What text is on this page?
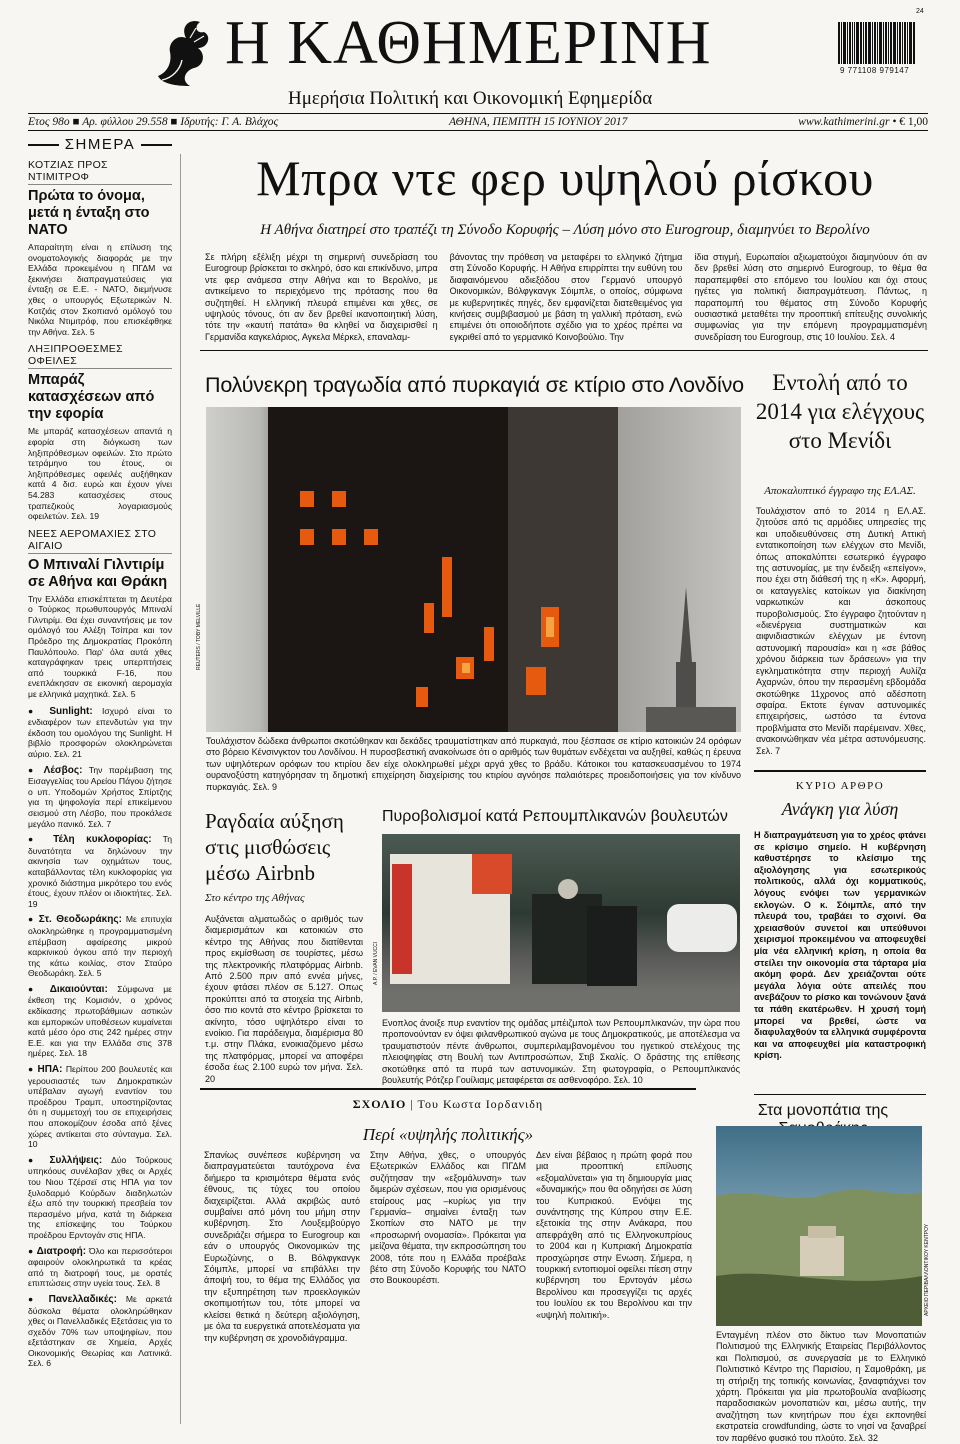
Η ΚΑΘΗΜΕΡΙΝΗ
Ημερήσια Πολιτική και Οικονομική Εφημερίδα
24
9 771108 979147
Ετος 98ο ■ Αρ. φύλλου 29.558 ■ Ιδρυτής: Γ. Α. Βλάχος	ΑΘΗΝΑ, ΠΕΜΠΤΗ 15 ΙΟΥΝΙΟΥ 2017	www.kathimerini.gr • € 1,00
ΣΗΜΕΡΑ
ΚΟΤΖΙΑΣ ΠΡΟΣ ΝΤΙΜΙΤΡΟΦ
Πρώτα το όνομα, μετά η ένταξη στο ΝΑΤΟ
Απαραίτητη είναι η επίλυση της ονοματολογικής διαφοράς με την Ελλάδα προκειμένου η ΠΓΔΜ να ξεκινήσει διαπραγματεύσεις για ένταξη σε Ε.Ε. - ΝΑΤΟ, διεμήνυσε χθες ο υπουργός Εξωτερικών Ν. Κοτζιάς στον Σκοπιανό ομόλογό του Νικόλα Ντιμιτρόφ, που επισκέφθηκε την Αθήνα. Σελ. 5
ΛΗΞΙΠΡΟΘΕΣΜΕΣ ΟΦΕΙΛΕΣ
Μπαράζ κατασχέσεων από την εφορία
Με μπαράζ κατασχέσεων απαντά η εφορία στη διόγκωση των ληξιπρόθεσμων οφειλών. Στο πρώτο τετράμηνο του έτους, οι ληξιπρόθεσμες οφειλές αυξήθηκαν κατά 4 δισ. ευρώ και έχουν γίνει 54.283 κατασχέσεις στους τραπεζικούς λογαριασμούς οφειλετών. Σελ. 19
ΝΕΕΣ ΑΕΡΟΜΑΧΙΕΣ ΣΤΟ ΑΙΓΑΙΟ
Ο Μπιναλί Γιλντιρίμ σε Αθήνα και Θράκη
Την Ελλάδα επισκέπτεται τη Δευτέρα ο Τούρκος πρωθυπουργός Μπιναλί Γιλντιρίμ. Θα έχει συναντήσεις με τον ομόλογό του Αλέξη Τσίπρα και τον Πρόεδρο της Δημοκρατίας Προκόπη Παυλόπουλο. Παρ' όλα αυτά χθες καταγράφηκαν τρεις υπερπτήσεις από τουρκικά F-16, που ενεπλάκησαν σε εικονική αερομαχία με ελληνικά μαχητικά. Σελ. 5
● Sunlight: Ισχυρό είναι το ενδιαφέρον των επενδυτών για την έκδοση του ομολόγου της Sunlight. Η βιβλίο προσφορών ολοκληρώνεται αύριο. Σελ. 21
● Λέσβος: Την παρέμβαση της Εισαγγελίας του Αρείου Πάγου ζήτησε ο υπ. Υποδομών Χρήστος Σπίρτζης για τη ψηφολογία περί επικείμενου σεισμού στη Λέσβο, που προκάλεσε μεγάλο πανικό. Σελ. 7
● Τέλη κυκλοφορίας: Τη δυνατότητα να δηλώνουν την ακινησία των οχημάτων τους, καταβάλλοντας τέλη κυκλοφορίας για χρονικό διάστημα μικρότερο του ενός έτους, έχουν πλέον οι ιδιοκτήτες. Σελ. 19
● Στ. Θεοδωράκης: Με επιτυχία ολοκληρώθηκε η προγραμματισμένη επέμβαση αφαίρεσης μικρού καρκινικού όγκου από την περιοχή της κάτω κοιλίας, στον Σταύρο Θεοδωράκη. Σελ. 5
● Δικαιούνται: Σύμφωνα με έκθεση της Κομισιόν, ο χρόνος εκδίκασης πρωτοβάθμιων αστικών και εμπορικών υποθέσεων κυμαίνεται κατά μέσο όρο στις 242 ημέρες στην Ε.Ε. και για την Ελλάδα στις 378 ημέρες. Σελ. 18
● ΗΠΑ: Περίπου 200 βουλευτές και γερουσιαστές των Δημοκρατικών υπέβαλαν αγωγή εναντίον του προέδρου Τραμπ, υποστηρίζοντας ότι η συμμετοχή του σε επιχειρήσεις που αποκομίζουν έσοδα από ξένες χώρες αντίκειται στο σύνταγμα. Σελ. 10
● Συλλήψεις: Δύο Τούρκους υπηκόους συνέλαβαν χθες οι Αρχές του Νιου Τζέρσεϊ στις ΗΠΑ για τον ξυλοδαρμό Κούρδων διαδηλωτών έξω από την τουρκική πρεσβεία τον περασμένο μήνα, κατά τη διάρκεια της επίσκεψης του Τούρκου προέδρου Ερντογάν στις ΗΠΑ.
● Διατροφή: Όλο και περισσότεροι αφαιρούν ολοκληρωτικά τα κρέας από τη διατροφή τους, με ορατές επιπτώσεις στην υγεία τους. Σελ. 8
● Πανελλαδικές: Με αρκετά δύσκολα θέματα ολοκληρώθηκαν χθες οι Πανελλαδικές Εξετάσεις για το σχεδόν 70% των υποψηφίων, που εξετάστηκαν σε Χημεία, Αρχές Οικονομικής Θεωρίας και Λατινικά. Σελ. 6
Μπρα ντε φερ υψηλού ρίσκου
Η Αθήνα διατηρεί στο τραπέζι τη Σύνοδο Κορυφής – Λύση μόνο στο Eurogroup, διαμηνύει το Βερολίνο
Σε πλήρη εξέλιξη μέχρι τη σημερινή συνεδρίαση του Eurogroup βρίσκεται το σκληρό, όσο και επικίνδυνο, μπρα ντε φερ ανάμεσα στην Αθήνα και το Βερολίνο, με αντικείμενο το περιεχόμενο της πρότασης που θα συζητηθεί. Η ελληνική πλευρά επιμένει και χθες, σε υψηλούς τόνους, ότι αν δεν βρεθεί ικανοποιητική λύση, τότε την «καυτή πατάτα» θα κληθεί να διαχειρισθεί η Γερμανίδα καγκελάριος, Αγκελα Μέρκελ, επαναλαμ-
βάνοντας την πρόθεση να μεταφέρει το ελληνικό ζήτημα στη Σύνοδο Κορυφής. Η Αθήνα επιρρίπτει την ευθύνη του διαφαινόμενου αδιεξόδου στον Γερμανό υπουργό Οικονομικών, Βόλφγκανγκ Σόιμπλε, ο οποίος, σύμφωνα με κυβερνητικές πηγές, δεν εμφανίζεται διατεθειμένος για κινήσεις συμβιβασμού με βάση τη γαλλική πρόταση, ενώ επιμένει ότι οποιοδήποτε σχέδιο για το χρέος πρέπει να εγκριθεί από το γερμανικό Κοινοβούλιο. Την
ίδια στιγμή, Ευρωπαίοι αξιωματούχοι διαμηνύουν ότι αν δεν βρεθεί λύση στο σημερινό Eurogroup, το θέμα θα παραπεμφθεί στο επόμενο του Ιουλίου και όχι στους ηγέτες για πολιτική διαπραγμάτευση. Πάντως, η παραπομπή του θέματος στη Σύνοδο Κορυφής ουσιαστικά μεταθέτει την προοπτική επίτευξης συνολικής συμφωνίας για την επόμενη προγραμματισμένη συνεδρίαση του Eurogroup, στις 10 Ιουλίου. Σελ. 4
Πολύνεκρη τραγωδία από πυρκαγιά σε κτίριο στο Λονδίνο
REUTERS / TOBY MELVILLE
Τουλάχιστον δώδεκα άνθρωποι σκοτώθηκαν και δεκάδες τραυματίστηκαν από πυρκαγιά, που ξέσπασε σε κτίριο κατοικιών 24 ορόφων στο βόρειο Κένσινγκτον του Λονδίνου. Η πυροσβεστική ανακοίνωσε ότι ο αριθμός των θυμάτων ενδέχεται να αυξηθεί, καθώς η έρευνα των υψηλότερων ορόφων του κτιρίου δεν είχε ολοκληρωθεί μέχρι αργά χθες το βράδυ. Κάτοικοι του κατασκευασμένου το 1974 ουρανοξύστη κατηγόρησαν τη δημοτική επιχείρηση διαχείρισης του κτιρίου αγνόησε παλαιότερες προειδοποιήσεις για τον κίνδυνο πυρκαγιάς. Σελ. 9
Εντολή από το 2014 για ελέγχους στο Μενίδι
Αποκαλυπτικό έγγραφο της ΕΛ.ΑΣ.
Τουλάχιστον από το 2014 η ΕΛ.ΑΣ. ζητούσε από τις αρμόδιες υπηρεσίες της και υποδιευθύνσεις στη Δυτική Αττική εντατικοποίηση των ελέγχων στο Μενίδι, όπως αποκαλύπτει εσωτερικό έγγραφο της αστυνομίας, με την ένδειξη «επείγον», που έχει στη διάθεσή της η «Κ». Αφορμή, οι καταγγελίες κατοίκων για διακίνηση ναρκωτικών και άσκοπους πυροβολισμούς. Στο έγγραφο ζητούνταν η «διενέργεια συστηματικών και αιφνιδιαστικών ελέγχων με έντονη αστυνομική παρουσία» και η «σε βάθος χρόνου διάρκεια των δράσεων» για την εγκληματικότητα στην περιοχή Αυλίζα Αχαρνών, όπου την περασμένη εβδομάδα σκοτώθηκε 11χρονος από αδέσποτη σφαίρα. Εκτοτε έγιναν αστυνομικές επιχειρήσεις, ωστόσο τα έντονα προβλήματα στο Μενίδι παρέμειναν. Χθες, ανακοινώθηκαν νέα μέτρα αστυνόμευσης. Σελ. 7
ΚΥΡΙΟ ΑΡΘΡΟ
Ανάγκη για λύση
Η διαπραγμάτευση για το χρέος φτάνει σε κρίσιμο σημείο. Η κυβέρνηση καθυστέρησε το κλείσιμο της αξιολόγησης για εσωτερικούς πολιτικούς, αλλά όχι κομματικούς, λόγους ενόψει των γερμανικών εκλογών. Ο κ. Σόιμπλε, από την πλευρά του, τραβάει το σχοινί. Θα χρειασθούν συνετοί και υπεύθυνοι χειρισμοί προκειμένου να αποφευχθεί μία νέα ελληνική κρίση, η οποία θα στείλει την οικονομία στα τάρταρα μία ακόμη φορά. Δεν χρειάζονται ούτε μεγάλα λόγια ούτε απειλές που ανεβάζουν το ρίσκο και τονώνουν ξανά τα πάθη εκατέρωθεν. Η χρυσή τομή μπορεί να βρεθεί, ώστε να διαφυλαχθούν τα ελληνικά συμφέροντα και να αποφευχθεί μία καταστροφική κρίση.
Ραγδαία αύξηση στις μισθώσεις μέσω Airbnb
Στο κέντρο της Αθήνας
Αυξάνεται αλματωδώς ο αριθμός των διαμερισμάτων και κατοικιών στο κέντρο της Αθήνας που διατίθενται προς εκμίσθωση σε τουρίστες, μέσω της πλεκτρονικής πλατφόρμας Airbnb. Από 2.500 πριν από εννέα μήνες, έχουν φτάσει πλέον σε 5.127. Οπως προκύπτει από τα στοιχεία της Airbnb, όσο πιο κοντά στο κέντρο βρίσκεται το ακίνητο, τόσο υψηλότερο είναι το ενοίκιο. Για παράδειγμα, διαμέρισμα 80 τ.μ. στην Πλάκα, ενοικιαζόμενο μέσω της πλατφόρμας, μπορεί να αποφέρει έσοδα έως 2.100 ευρώ τον μήνα. Σελ. 20
Πυροβολισμοί κατά Ρεπουμπλικανών βουλευτών
A.P. / EVAN VUCCI
Ενοπλος άνοιξε πυρ εναντίον της ομάδας μπέιζμπολ των Ρεπουμπλικανών, την ώρα που προπονούνταν εν όψει φιλανθρωπικού αγώνα με τους Δημοκρατικούς, με αποτέλεσμα να τραυματιστούν πέντε άνθρωποι, συμπεριλαμβανομένου του ηγετικού στελέχους της πλειοψηφίας στη Βουλή των Αντιπροσώπων, Στιβ Σκαλίς. Ο δράστης της επίθεσης σκοτώθηκε από τα πυρά των αστυνομικών. Στη φωτογραφία, ο Ρεπουμπλικανός βουλευτής Ρότζερ Γουίλιαμς μεταφέρεται σε ασθενοφόρο. Σελ. 10
ΣΧΟΛΙΟ | Του Κωστα Ιορδανιδη
Περί «υψηλής πολιτικής»
Σπανίως συνέπεσε κυβέρνηση να διαπραγματεύεται ταυτόχρονα ένα διήμερο τα κρισιμότερα θέματα ενός έθνους, τις τύχες του οποίου διαχειρίζεται. Αλλά ακριβώς αυτό συμβαίνει από μόνη του μήμη στην κυβέρνηση. Στο Λουξεμβούργο συνεδριάζει σήμερα το Eurogroup και εάν ο υπουργός Οικονομικών της Ευρωζώνης, ο Β. Βόλφγκανγκ Σόιμπλε, μπορεί να επιβάλλει την άποψή του, το θέμα της Ελλάδος για την εξυπηρέτηση των προεκλογικών σκοπιμοτήτων του, τότε μπορεί να κλείσει θετικά η δεύτερη αξιολόγηση, με όλα τα ευεργετικά αποτελέσματα για την κυβέρνηση σε χρονοδιάγραμμα.
Στην Αθήνα, χθες, ο υπουργός Εξωτερικών Ελλάδος και ΠΓΔΜ συζήτησαν την «εξομάλυνση» των διμερών σχέσεων, που για ορισμένους εταίρους μας –κυρίως για την Γερμανία– σημαίνει ένταξη των Σκοπίων στο ΝΑΤΟ με την «προσωρινή ονομασία». Πρόκειται για μείζονα θέματα, την εκπροσώπηση του 2008, τότε που η Ελλάδα προέβαλε βέτο στη Σύνοδο Κορυφής του ΝΑΤΟ στο Βουκουρέστι.
Δεν είναι βέβαιος η πρώτη φορά που μια προοπτική επίλυσης «εξομαλύνεται» για τη δημιουργία μιας «δυναμικής» που θα οδηγήσει σε λύση του Κυπριακού. Ενόψει της συνάντησης της Κύπρου στην Ε.Ε. εξετοικία της στην Ανάκαρα, που απεφράχθη από τις Ελληνοκυπρίους το 2004 και η Κυπριακή Δημοκρατία προσχώρησε στην Ενωση. Σήμερα, η τουρκική εντοπιομοί οφείλει πίεση στην κυβέρνηση του Ερντογάν μέσω Βερολίνου και προσεγγίζει τις αρχές του Ιουλίου εκ του Βερολίνου και την «υψηλή πολιτική».
Στα μονοπάτια της
ΑΡΧΕΙΟ ΠΕΡΙΒΑΛΛΟΝΤΙΚΟΥ ΚΕΝΤΡΟΥ
Ενταγμένη πλέον στο δίκτυο των Μονοπατιών Πολιτισμού της Ελληνικής Εταιρείας Περιβάλλοντος και Πολιτισμού, σε συνεργασία με το Ελληνικό Πολιτιστικό Κέντρο της Παρισίου, η Σαμοθράκη, με τη στήριξη της τοπικής κοινωνίας, ξαναφτιάχνει τον χάρτη. Πρόκειται για μία πρωτοβουλία αναβίωσης παραδοσιακών μονοπατιών και, μέσω αυτής, την αναζήτηση των κινητήρων που έχει εκπονηθεί εκστρατεία crowdfunding, ώστε το νησί να ξαναβρεί τον παρθένο φυσικό του πλούτο. Σελ. 32
